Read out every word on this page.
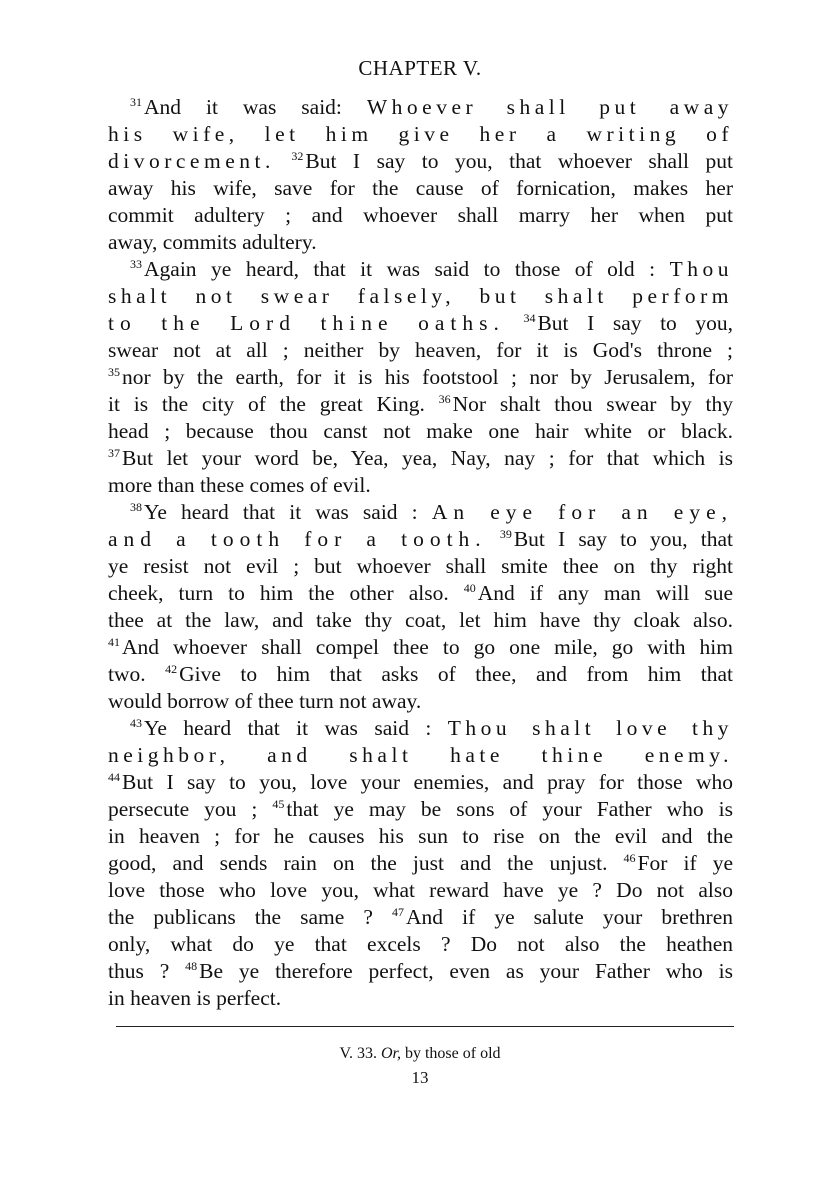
CHAPTER V.

$^{31}$And it was said: Whoever shall put away
his wife, let him give her a writing of
divorcement. $^{32}$But I say to you, that whoever shall put
away his wife, save for the cause of fornication, makes her
commit adultery ; and whoever shall marry her when put
away, commits adultery.

$^{33}$Again ye heard, that it was said to those of old : Thou
shalt not swear falsely, but shalt perform
to the Lord thine oaths. $^{34}$But I say to you,
swear not at all ; neither by heaven, for it is God's throne ;
$^{35}$nor by the earth, for it is his footstool ; nor by Jerusalem, for
it is the city of the great King. $^{36}$Nor shalt thou swear by thy
head ; because thou canst not make one hair white or black.
$^{37}$But let your word be, Yea, yea, Nay, nay ; for that which is
more than these comes of evil.

$^{38}$Ye heard that it was said : An eye for an eye,
and a tooth for a tooth. $^{39}$But I say to you, that
ye resist not evil ; but whoever shall smite thee on thy right
cheek, turn to him the other also. $^{40}$And if any man will sue
thee at the law, and take thy coat, let him have thy cloak also.
$^{41}$And whoever shall compel thee to go one mile, go with him
two. $^{42}$Give to him that asks of thee, and from him that
would borrow of thee turn not away.

$^{43}$Ye heard that it was said : Thou shalt love thy
neighbor, and shalt hate thine enemy.
$^{44}$But I say to you, love your enemies, and pray for those who
persecute you ; $^{45}$that ye may be sons of your Father who is
in heaven ; for he causes his sun to rise on the evil and the
good, and sends rain on the just and the unjust. $^{46}$For if ye
love those who love you, what reward have ye ? Do not also
the publicans the same ? $^{47}$And if ye salute your brethren
only, what do ye that excels ? Do not also the heathen
thus ? $^{48}$Be ye therefore perfect, even as your Father who is
in heaven is perfect.

V. 33. Or, by those of old
13
